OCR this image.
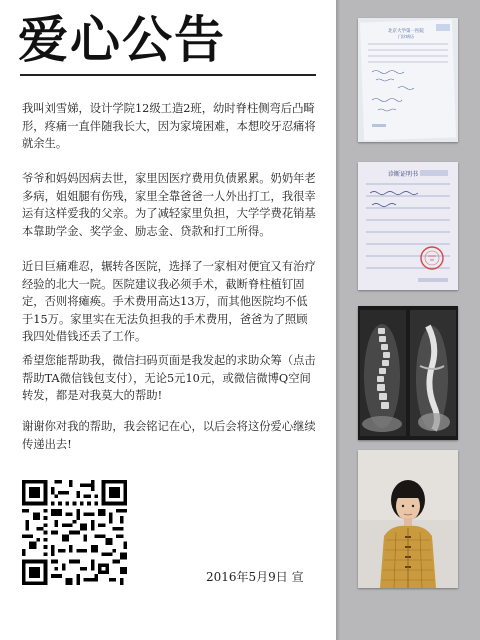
爱心公告

我叫刘雪娣，设计学院12级工造2班，幼时脊柱侧弯后凸畸形，疼痛一直伴随我长大，因为家境困难，本想咬牙忍痛将就余生。

爷爷和妈妈因病去世，家里因医疗费用负债累累。奶奶年老多病，姐姐腿有伤残，家里全靠爸爸一人外出打工，我很幸运有这样爱我的父亲。为了减轻家里负担，大学学费花销基本靠助学金、奖学金、励志金、贷款和打工所得。

近日巨痛难忍，辗转各医院，选择了一家相对便宜又有治疗经验的北大一院。医院建议我必须手术，截断脊柱植钉固定，否则将瘫痪。手术费用高达13万，而其他医院均不低于15万。家里实在无法负担我的手术费用，爸爸为了照顾我四处借钱还丢了工作。

希望您能帮助我，微信扫码页面是我发起的求助众筹（点击帮助TA微信钱包支付），无论5元10元，或微信微博Q空间转发，都是对我莫大的帮助!

谢谢你对我的帮助，我会铭记在心，以后会将这份爱心继续传递出去!

2016年5月9日 宣
北京大学第一医院
门诊病历
诊断证明书
